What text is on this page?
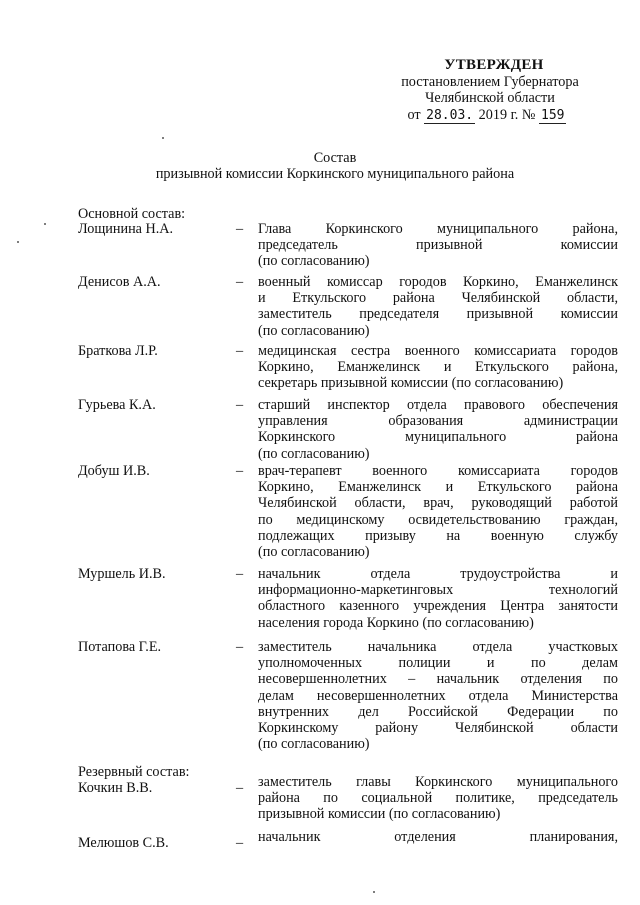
УТВЕРЖДЕН
постановлением Губернатора
Челябинской области
от 28.03. 2019 г. № 159
Состав
призывной комиссии Коркинского муниципального района
Основной состав:
Резервный состав:
Лощинина Н.А.	– Глава Коркинского муниципального района,
председатель призывной комиссии
(по согласованию)
Денисов А.А.	– военный комиссар городов Коркино, Еманжелинск
и Еткульского района Челябинской области,
заместитель председателя призывной комиссии
(по согласованию)
Браткова Л.Р.	– медицинская сестра военного комиссариата городов
Коркино, Еманжелинск и Еткульского района,
секретарь призывной комиссии (по согласованию)
Гурьева К.А.	– старший инспектор отдела правового обеспечения
управления образования администрации
Коркинского муниципального района
(по согласованию)
Добуш И.В.	– врач-терапевт военного комиссариата городов
Коркино, Еманжелинск и Еткульского района
Челябинской области, врач, руководящий работой
по медицинскому освидетельствованию граждан,
подлежащих призыву на военную службу
(по согласованию)
Муршель И.В.	– начальник отдела трудоустройства и
информационно-маркетинговых технологий
областного казенного учреждения Центра занятости
населения города Коркино (по согласованию)
Потапова Г.Е.	– заместитель начальника отдела участковых
уполномоченных полиции и по делам
несовершеннолетних – начальник отделения по
делам несовершеннолетних отдела Министерства
внутренних дел Российской Федерации по
Коркинскому району Челябинской области
(по согласованию)
Кочкин В.В.	– заместитель главы Коркинского муниципального
района по социальной политике, председатель
призывной комиссии (по согласованию)
Мелюшов С.В.	– начальник отделения планирования,
